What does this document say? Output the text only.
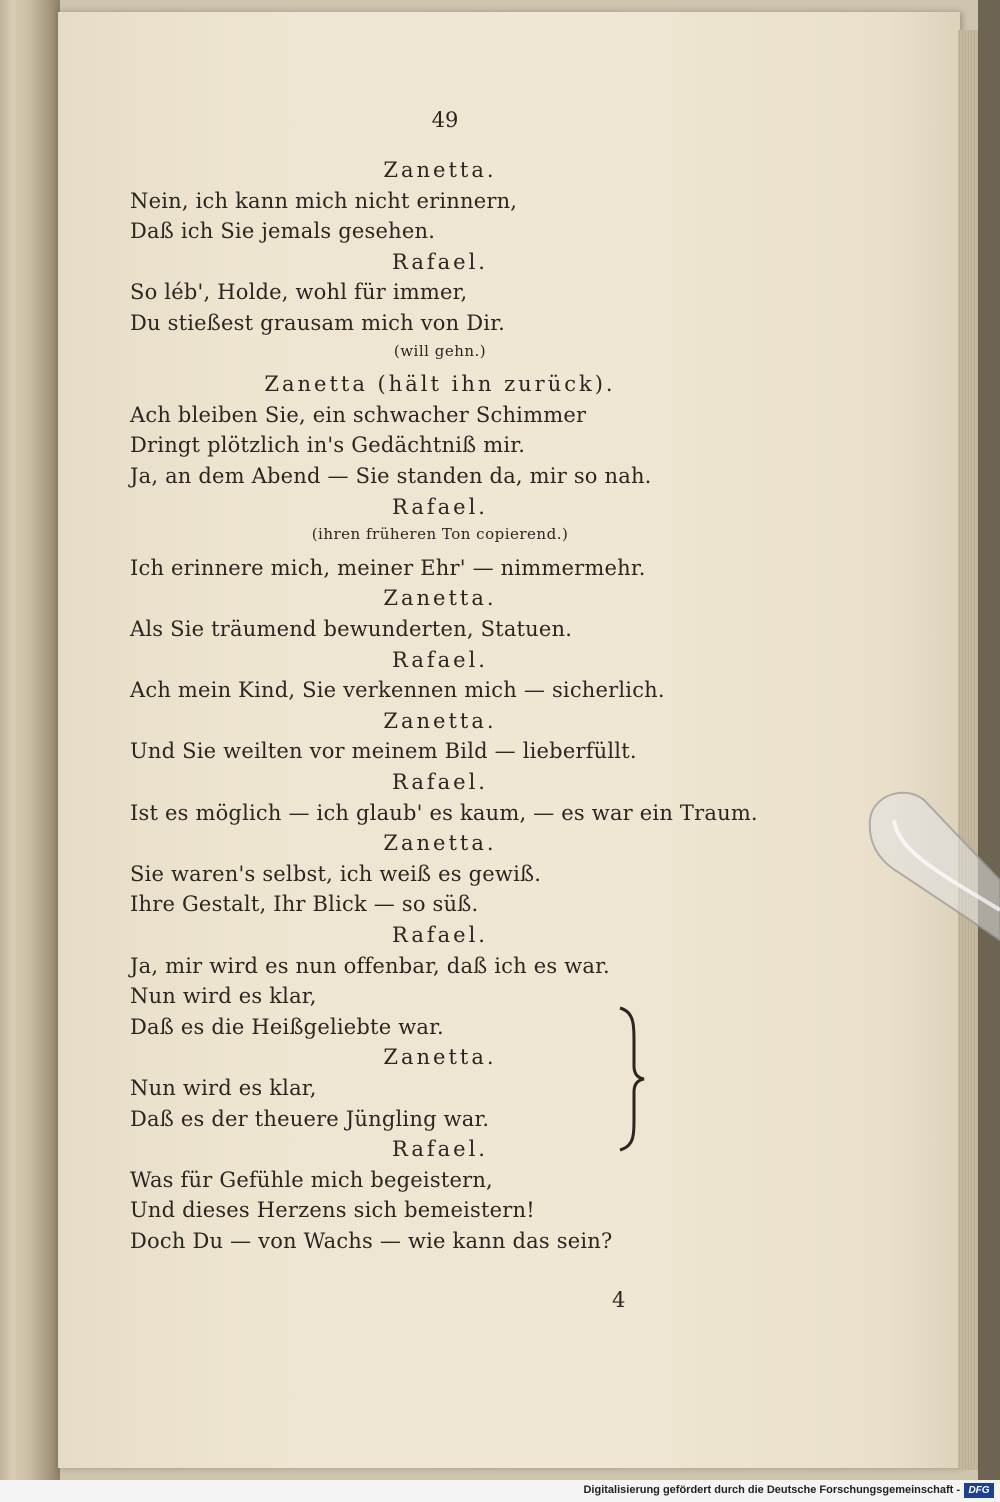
49
Zanetta.
Nein, ich kann mich nicht erinnern,
Daß ich Sie jemals gesehen.
Rafael.
So léb', Holde, wohl für immer,
Du stießest grausam mich von Dir.
(will gehn.)
Zanetta (hält ihn zurück).
Ach bleiben Sie, ein schwacher Schimmer
Dringt plötzlich in's Gedächtniß mir.
Ja, an dem Abend — Sie standen da, mir so nah.
Rafael.
(ihren früheren Ton copierend.)
Ich erinnere mich, meiner Ehr' — nimmermehr.
Zanetta.
Als Sie träumend bewunderten, Statuen.
Rafael.
Ach mein Kind, Sie verkennen mich — sicherlich.
Zanetta.
Und Sie weilten vor meinem Bild — lieberfüllt.
Rafael.
Ist es möglich — ich glaub' es kaum, — es war ein Traum.
Zanetta.
Sie waren's selbst, ich weiß es gewiß.
Ihre Gestalt, Ihr Blick — so süß.
Rafael.
Ja, mir wird es nun offenbar, daß ich es war.
Nun wird es klar,
Daß es die Heißgeliebte war.
Zanetta.
Nun wird es klar,
Daß es der theuere Jüngling war.
Rafael.
Was für Gefühle mich begeistern,
Und dieses Herzens sich bemeistern!
Doch Du — von Wachs — wie kann das sein?
4
Digitalisierung gefördert durch die Deutsche Forschungsgemeinschaft - DFG
